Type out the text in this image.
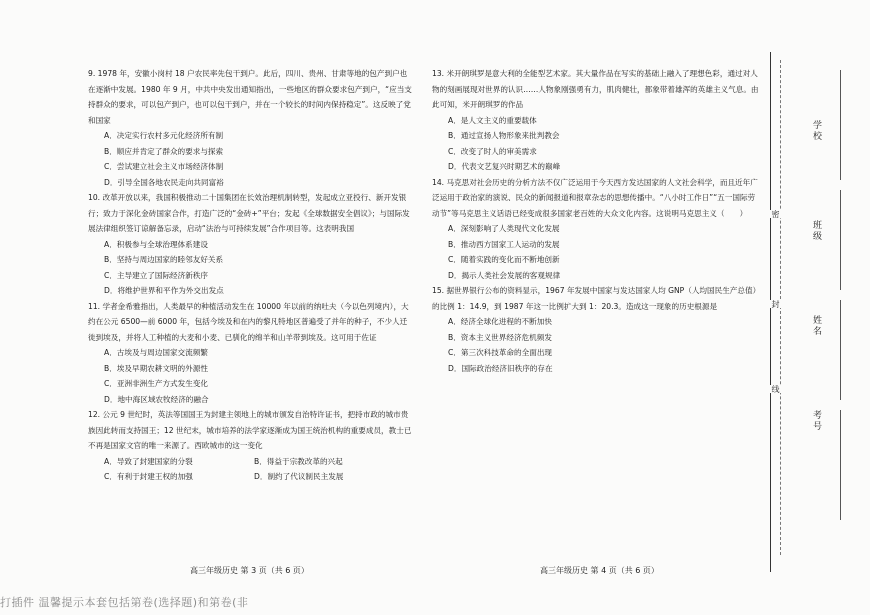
9. 1978 年，安徽小岗村 18 户农民率先包干到户。此后，四川、贵州、甘肃等地的包产到户也在逐渐中发展。1980 年 9 月，中共中央发出通知指出，一些地区的群众要求包产到户，“应当支持群众的要求，可以包产到户，也可以包干到户，并在一个较长的时间内保持稳定”。这反映了党和国家

A．决定实行农村多元化经济所有制

B．顺应并肯定了群众的要求与探索

C．尝试建立社会主义市场经济体制

D．引导全国各地农民走向共同富裕

10. 改革开放以来，我国积极推动二十国集团在长效治理机制转型，发起成立亚投行、新开发银行；致力于深化金砖国家合作，打造广泛的“金砖+”平台；发起《全球数据安全倡议》；与国际发展法律组织签订谅解备忘录，启动“法治与可持续发展”合作项目等。这表明我国

A．积极参与全球治理体系建设

B．坚持与周边国家的睦邻友好关系

C．主导建立了国际经济新秩序

D．将维护世界和平作为外交出发点

11. 学者金希雅指出，人类最早的种植活动发生在 10000 年以前的纳吐夫（今以色列境内），大约在公元 6500—前 6000 年，包括今埃及和在内的黎凡特地区普遍受了并年的种子，不少人迁徙到埃及，并将人工种植的大麦和小麦、已驯化的绵羊和山羊带到埃及。这可用于佐证

A．古埃及与周边国家交流频繁

B．埃及早期农耕文明的外源性

C．亚洲非洲生产方式发生变化

D．地中海区域农牧经济的融合

12. 公元 9 世纪时，英法等国国王为封建主领地上的城市颁发自治特许证书，把持市政的城市贵族因此转而支持国王；12 世纪末，城市培养的法学家逐渐成为国王统治机构的重要成员，教士已不再是国家文官的唯一来源了。西欧城市的这一变化

A．导致了封建国家的分裂	B．得益于宗教改革的兴起
C．有利于封建王权的加强	D．制约了代议制民主发展

13. 米开朗琪罗是意大利的全能型艺术家。其大量作品在写实的基础上融入了理想色彩，通过对人物的刻画展现对世界的认识……人物象刚强勇有力，肌肉健壮，都象带着雄浑的英雄主义气息。由此可知，米开朗琪罗的作品

A．是人文主义的重要载体

B．通过宣扬人物形象来批判教会

C．改变了时人的审美需求

D．代表文艺复兴时期艺术的巅峰

14. 马克思对社会历史的分析方法不仅广泛运用于今天西方发达国家的人文社会科学，而且近年广泛运用于政治家的演说、民众的新闻报道和报章杂志的思想传播中。“八小时工作日”“五一国际劳动节”等马克思主义话语已经变成很多国家老百姓的大众文化内容。这说明马克思主义（　　）

A．深刻影响了人类现代文化发展

B．推动西方国家工人运动的发展

C．随着实践的变化而不断地创新

D．揭示人类社会发展的客观规律

15. 据世界银行公布的资料显示，1967 年发展中国家与发达国家人均 GNP（人均国民生产总值）的比例 1：14.9，到 1987 年这一比例扩大到 1：20.3。造成这一现象的历史根源是

A．经济全球化进程的不断加快

B．资本主义世界经济危机频发

C．第三次科技革命的全面出现

D．国际政治经济旧秩序的存在

密
封
线
学校
班级
姓名
考号
高三年级历史 第 3 页（共 6 页）	高三年级历史 第 4 页（共 6 页）
打插件 温馨提示本套包括第卷(选择题)和第卷(非
